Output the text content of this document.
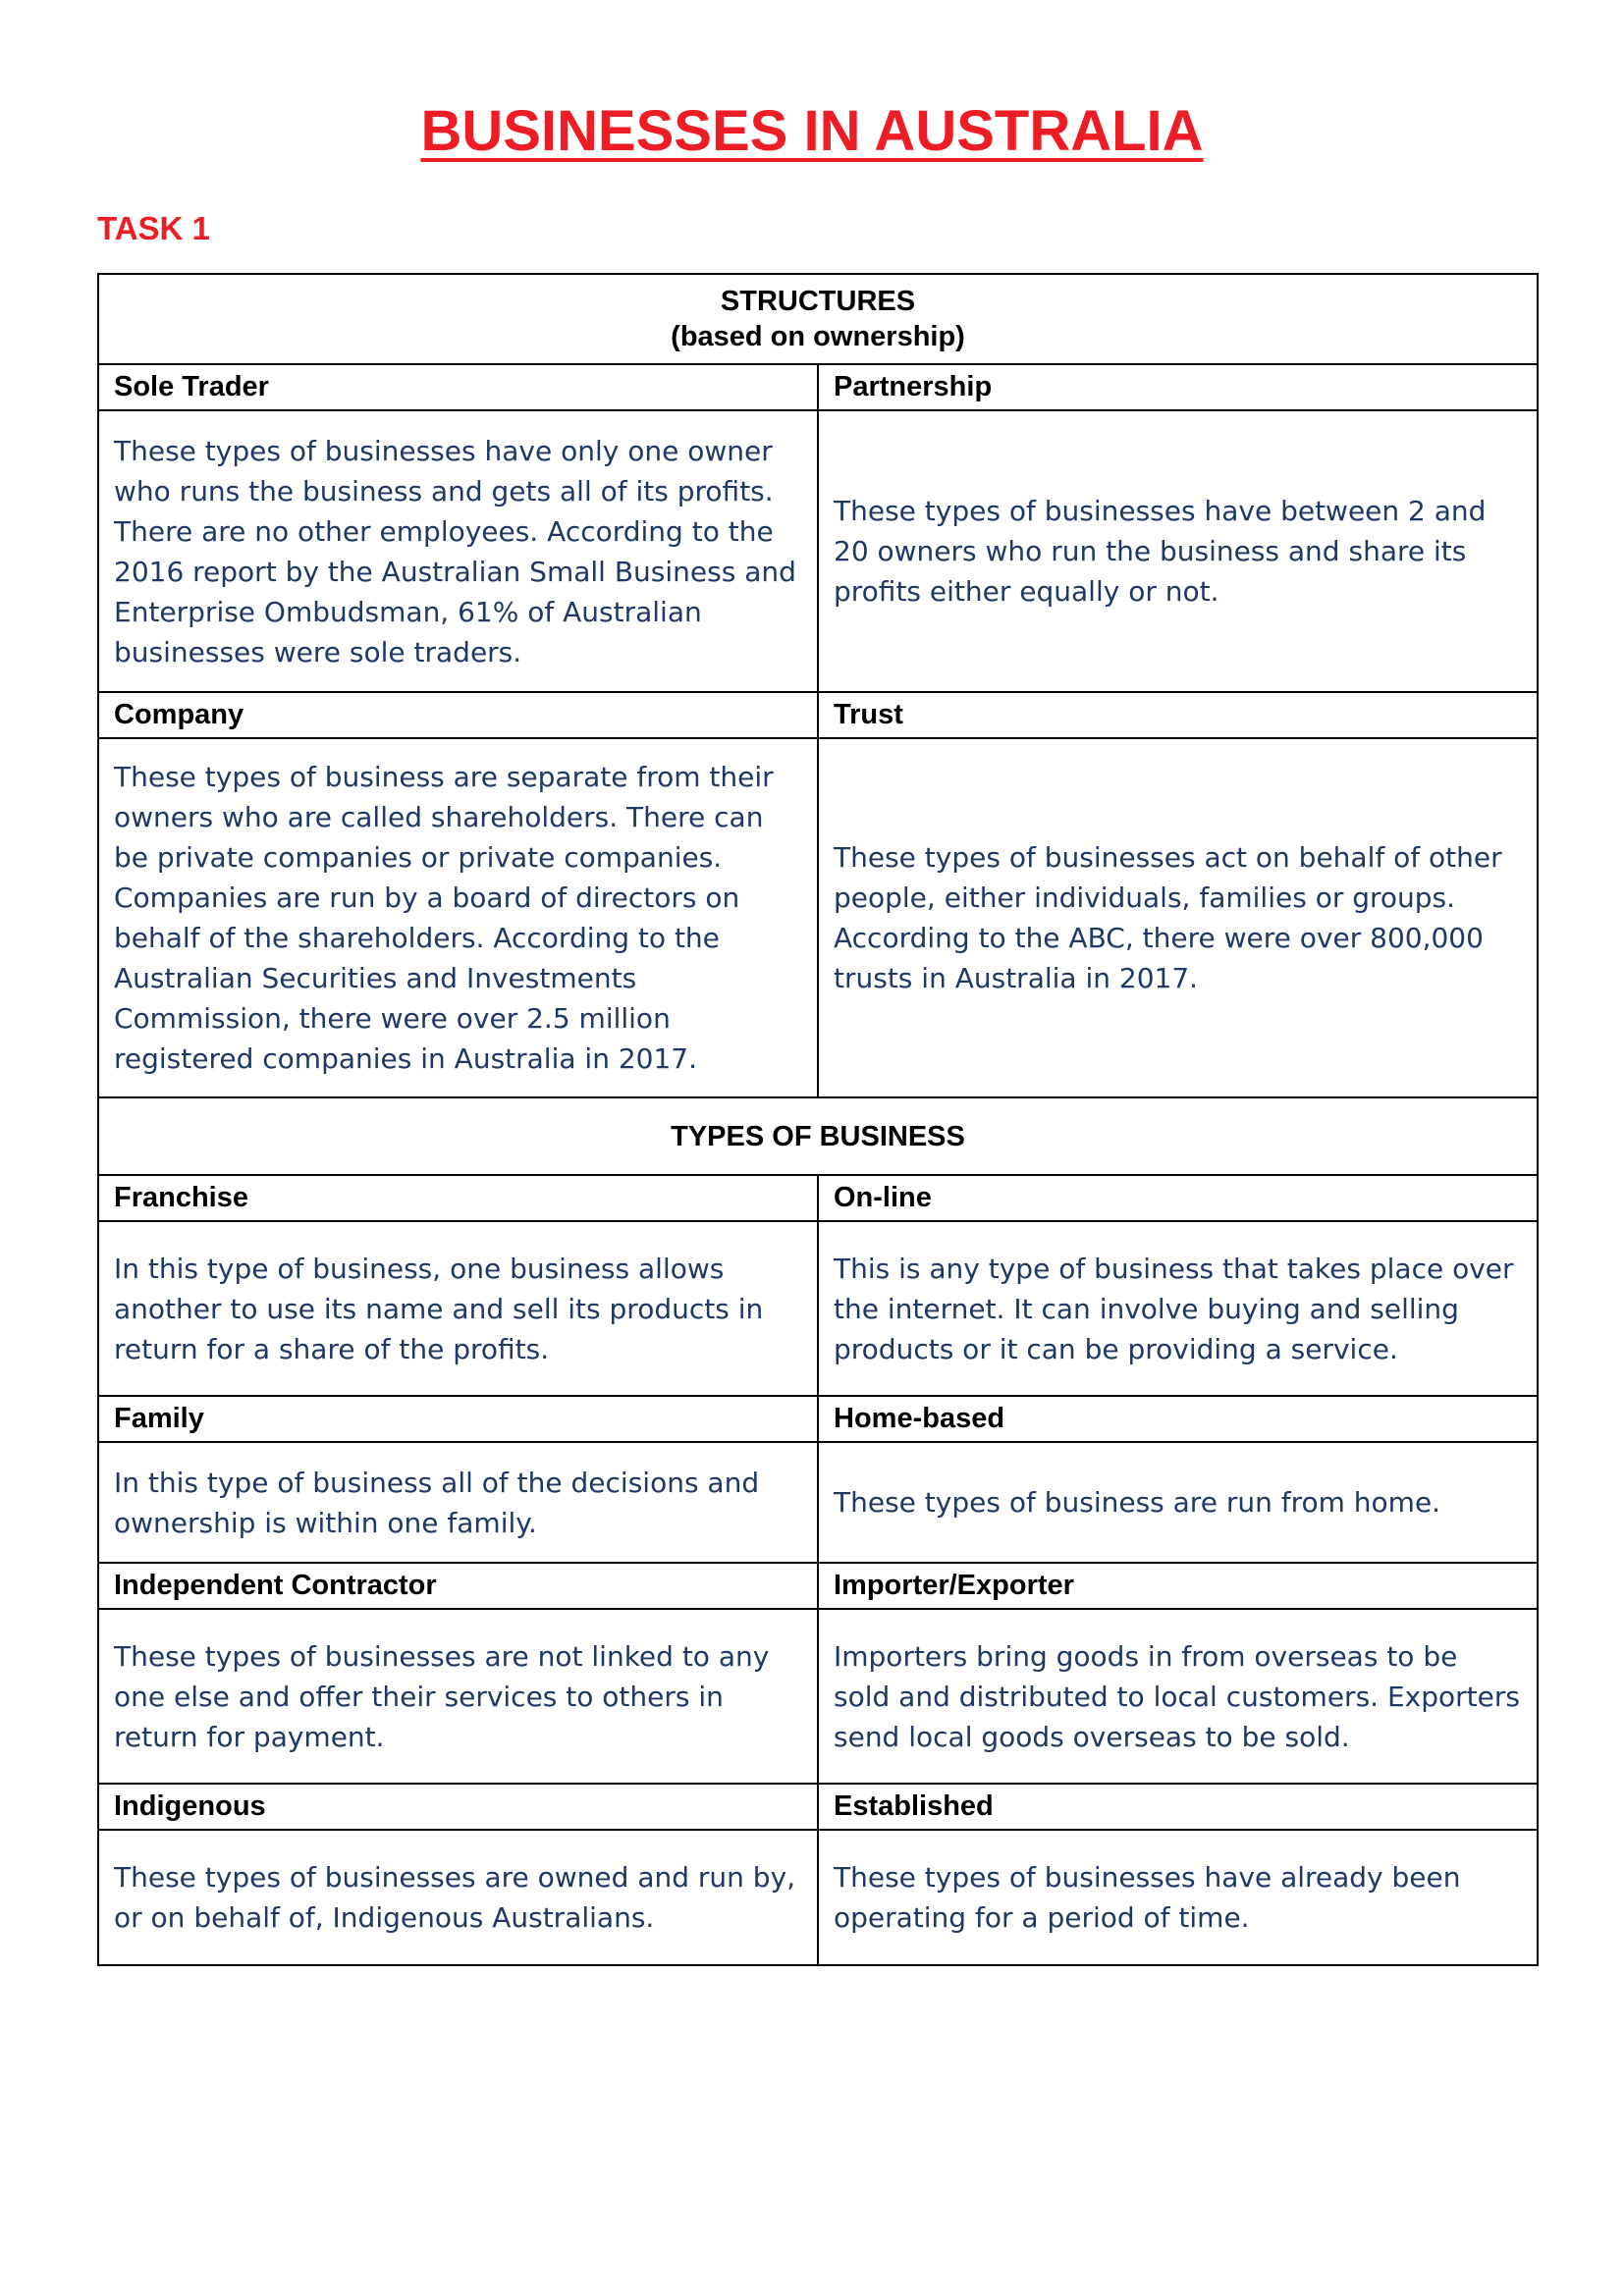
BUSINESSES IN AUSTRALIA
TASK 1
STRUCTURES
(based on ownership)	

Sole Trader	Partnership
These types of businesses have only one owner who runs the business and gets all of its profits. There are no other employees. According to the 2016 report by the Australian Small Business and Enterprise Ombudsman, 61% of Australian businesses were sole traders.	These types of businesses have between 2 and 20 owners who run the business and share its profits either equally or not.
Company	Trust
These types of business are separate from their owners who are called shareholders. There can be private companies or private companies. Companies are run by a board of directors on behalf of the shareholders. According to the Australian Securities and Investments Commission, there were over 2.5 million registered companies in Australia in 2017.	These types of businesses act on behalf of other people, either individuals, families or groups. According to the ABC, there were over 800,000 trusts in Australia in 2017.
TYPES OF BUSINESS	
Franchise	On-line
In this type of business, one business allows another to use its name and sell its products in return for a share of the profits.	This is any type of business that takes place over the internet. It can involve buying and selling products or it can be providing a service.
Family	Home-based
In this type of business all of the decisions and ownership is within one family.	These types of business are run from home.
Independent Contractor	Importer/Exporter
These types of businesses are not linked to any one else and offer their services to others in return for payment.	Importers bring goods in from overseas to be sold and distributed to local customers. Exporters send local goods overseas to be sold.
Indigenous	Established
These types of businesses are owned and run by, or on behalf of, Indigenous Australians.	These types of businesses have already been operating for a period of time.
